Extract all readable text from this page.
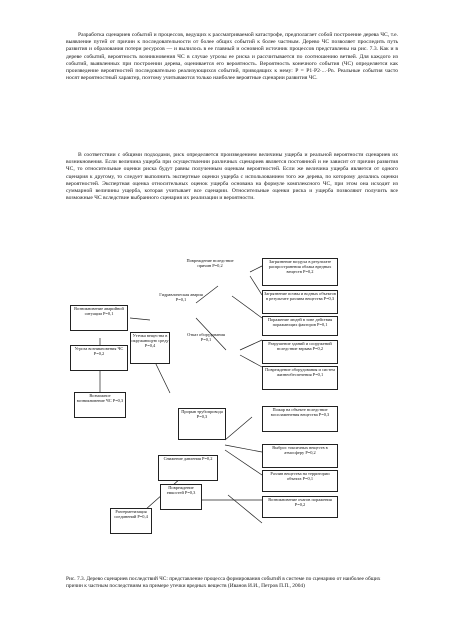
Разработка сценариев событий и процессов, ведущих к рассматриваемой катастрофе, предполагает собой построение дерева ЧС, т.е. выявление путей от причин к последовательности от более общих событий к более частным. Дерево ЧС позволяет проследить путь развития и образования потери ресурсов — и вылилось в ее главный и основной источник процессов представлены на рис. 7.3. Как и в дереве событий, вероятность возникновения ЧС в случае угрозы ее риска и рассчитывается по соотношению ветвей. Для каждого из событий, выявленных при построении дерева, оценивается его вероятность. Вероятность конечного события (ЧС) определяется как произведение вероятностей последовательно реализующихся событий, приводящих к нему: P = P1·P2·...·Pn. Реальные события часто носят вероятностный характер, поэтому учитываются только наиболее вероятные сценарии развития ЧС.

В соответствии с общими подходами, риск определяется произведением величины ущерба и реальной вероятности сценариев их возникновения. Если величина ущерба при осуществлении различных сценариев является постоянной и не зависит от причин развития ЧС, то относительные оценки риска будут равны полученным оценкам вероятностей. Если же величина ущерба является от одного сценария к другому, то следует выполнить экспертные оценки ущерба с использованием того же дерева, по которому делались оценки вероятностей. Экспертная оценка относительных оценок ущерба основана на формуле комплексного ЧС, при этом она исходит из суммарной величины ущерба, которая учитывает все сценарии. Относительные оценки риска и ущерба позволяют получить все возможные ЧС вследствие выбранного сценария их реализации и вероятности.

Повреждение вследствие причин P=0,2
Гидравлическая авария P=0,1
Отказ оборудования P=0,1
Загрязнение воздуха в результате распространения облака вредных веществ P=0,2
Загрязнение почвы и водных объектов в результате разлива вещества P=0,3
Поражение людей в зоне действия поражающих факторов P=0,1
Разрушение зданий и сооружений вследствие взрыва P=0,2
Повреждение оборудования и систем жизнеобеспечения P=0,1
Пожар на объекте вследствие воспламенения вещества P=0,3
Выброс токсичных веществ в атмосферу P=0,2
Разлив вещества на территории объекта P=0,1
Возникновение очагов поражения P=0,2
Возникновение аварийной ситуации P=0,1
Угроза возникновения ЧС P=0,2
Возможное возникновение ЧС P=0,3
Утечка вещества в окружающую среду P=0,4
Прорыв трубопровода P=0,3
Снижение давления P=0,2
Повреждение емкостей P=0,3
Разгерметизация соединений P=0,4

Рис. 7.3. Дерево сценариев последствий ЧС: представление процесса формирования событий в системе по сценарию от наиболее общих причин к частным последствиям на примере утечки вредных веществ (Иванов И.И., Петров П.П., 2004)
